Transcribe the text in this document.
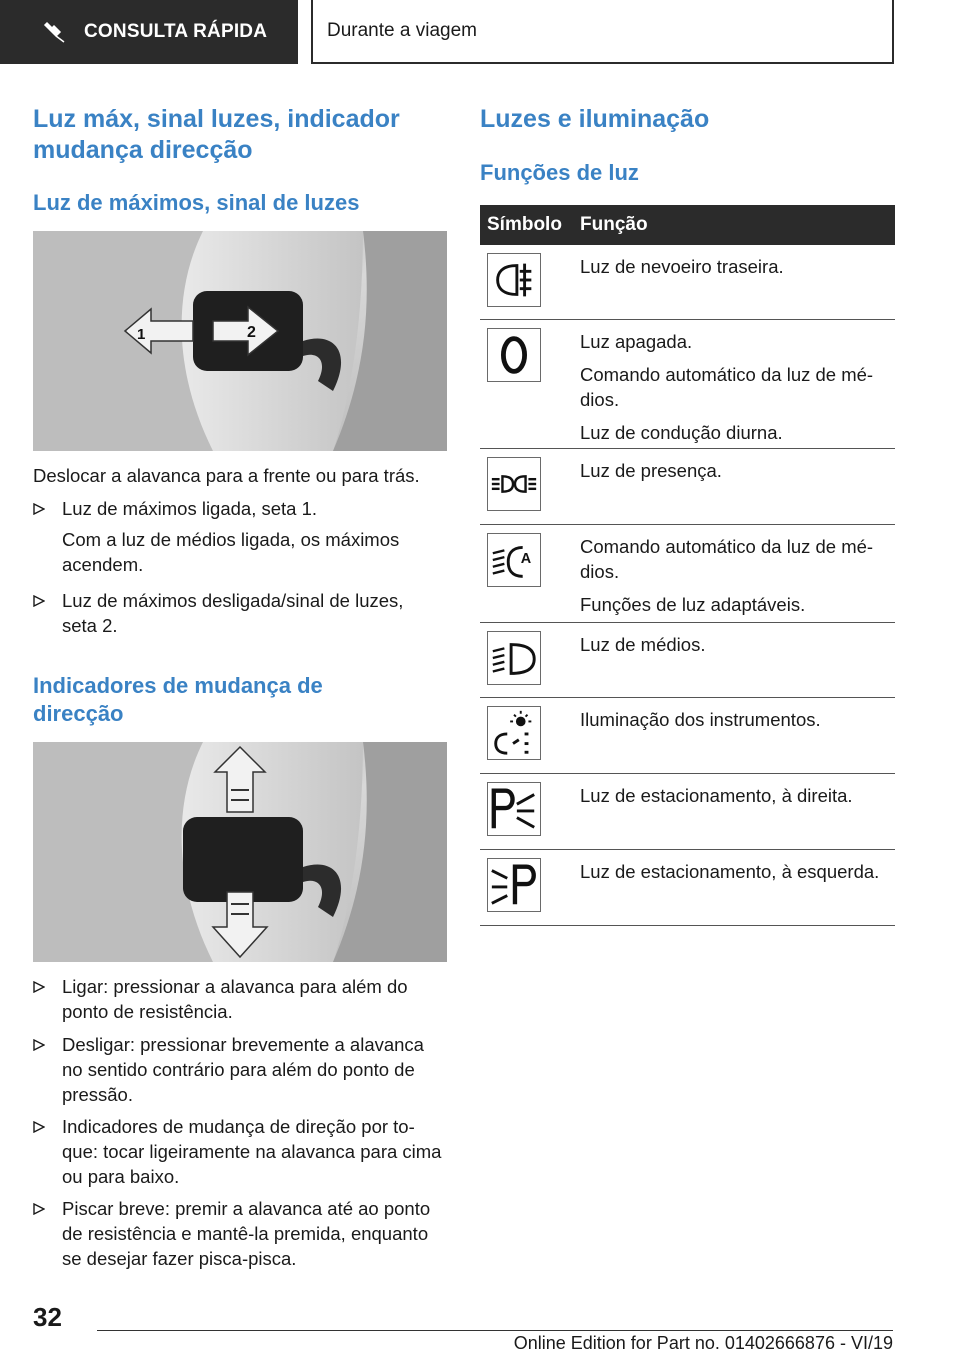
CONSULTA RÁPIDA	Durante a viagem
Luz máx, sinal luzes, indicador mudança direcção
Luz de máximos, sinal de luzes
1	2
Deslocar a alavanca para a frente ou para trás.
Luz de máximos ligada, seta 1.
Com a luz de médios ligada, os máximos
acendem.
Luz de máximos desligada/sinal de luzes,
seta 2.
Indicadores de mudança de direcção
Ligar: pressionar a alavanca para além do
ponto de resistência.
Desligar: pressionar brevemente a alavanca
no sentido contrário para além do ponto de
pressão.
Indicadores de mudança de direção por to-
que: tocar ligeiramente na alavanca para cima
ou para baixo.
Piscar breve: premir a alavanca até ao ponto
de resistência e mantê-la premida, enquanto
se desejar fazer pisca-pisca.
Luzes e iluminação
Funções de luz
Símbolo Função
Luz de nevoeiro traseira.
Luz apagada.
Comando automático da luz de mé-
dios.
Luz de condução diurna.
Luz de presença.
A
Comando automático da luz de mé-
dios.
Funções de luz adaptáveis.
Luz de médios.
Iluminação dos instrumentos.
Luz de estacionamento, à direita.
Luz de estacionamento, à esquerda.
32
Online Edition for Part no. 01402666876 - VI/19
